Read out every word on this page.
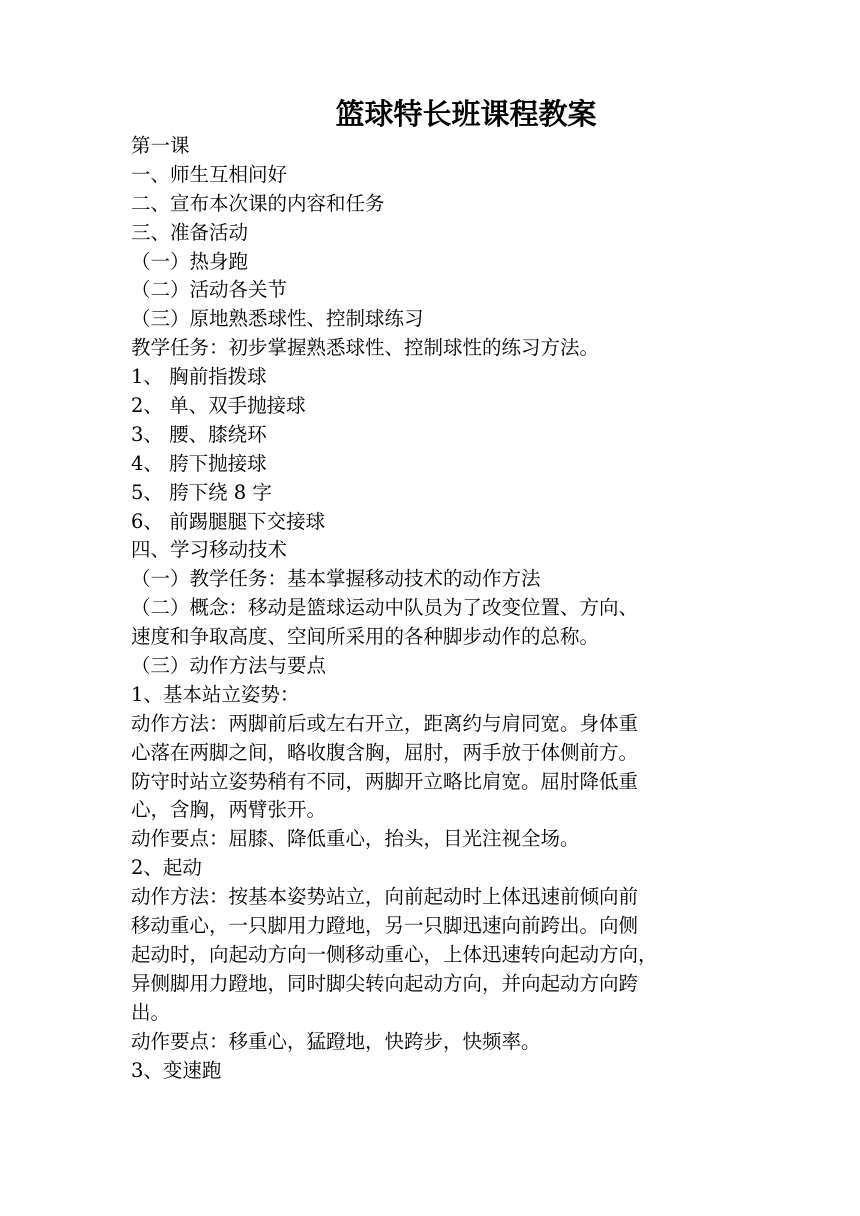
篮球特长班课程教案
第一课
一、师生互相问好
二、宣布本次课的内容和任务
三、准备活动
（一）热身跑
（二）活动各关节
（三）原地熟悉球性、控制球练习
教学任务：初步掌握熟悉球性、控制球性的练习方法。
1、 胸前指拨球
2、 单、双手抛接球
3、 腰、膝绕环
4、 胯下抛接球
5、 胯下绕 8 字
6、 前踢腿腿下交接球
四、学习移动技术
（一）教学任务：基本掌握移动技术的动作方法
（二）概念：移动是篮球运动中队员为了改变位置、方向、
速度和争取高度、空间所采用的各种脚步动作的总称。
（三）动作方法与要点
1、基本站立姿势：
动作方法：两脚前后或左右开立，距离约与肩同宽。身体重
心落在两脚之间，略收腹含胸，屈肘，两手放于体侧前方。
防守时站立姿势稍有不同，两脚开立略比肩宽。屈肘降低重
心，含胸，两臂张开。
动作要点：屈膝、降低重心，抬头，目光注视全场。
2、起动
动作方法：按基本姿势站立，向前起动时上体迅速前倾向前
移动重心，一只脚用力蹬地，另一只脚迅速向前跨出。向侧
起动时，向起动方向一侧移动重心，上体迅速转向起动方向，
异侧脚用力蹬地，同时脚尖转向起动方向，并向起动方向跨
出。
动作要点：移重心，猛蹬地，快跨步，快频率。
3、变速跑
